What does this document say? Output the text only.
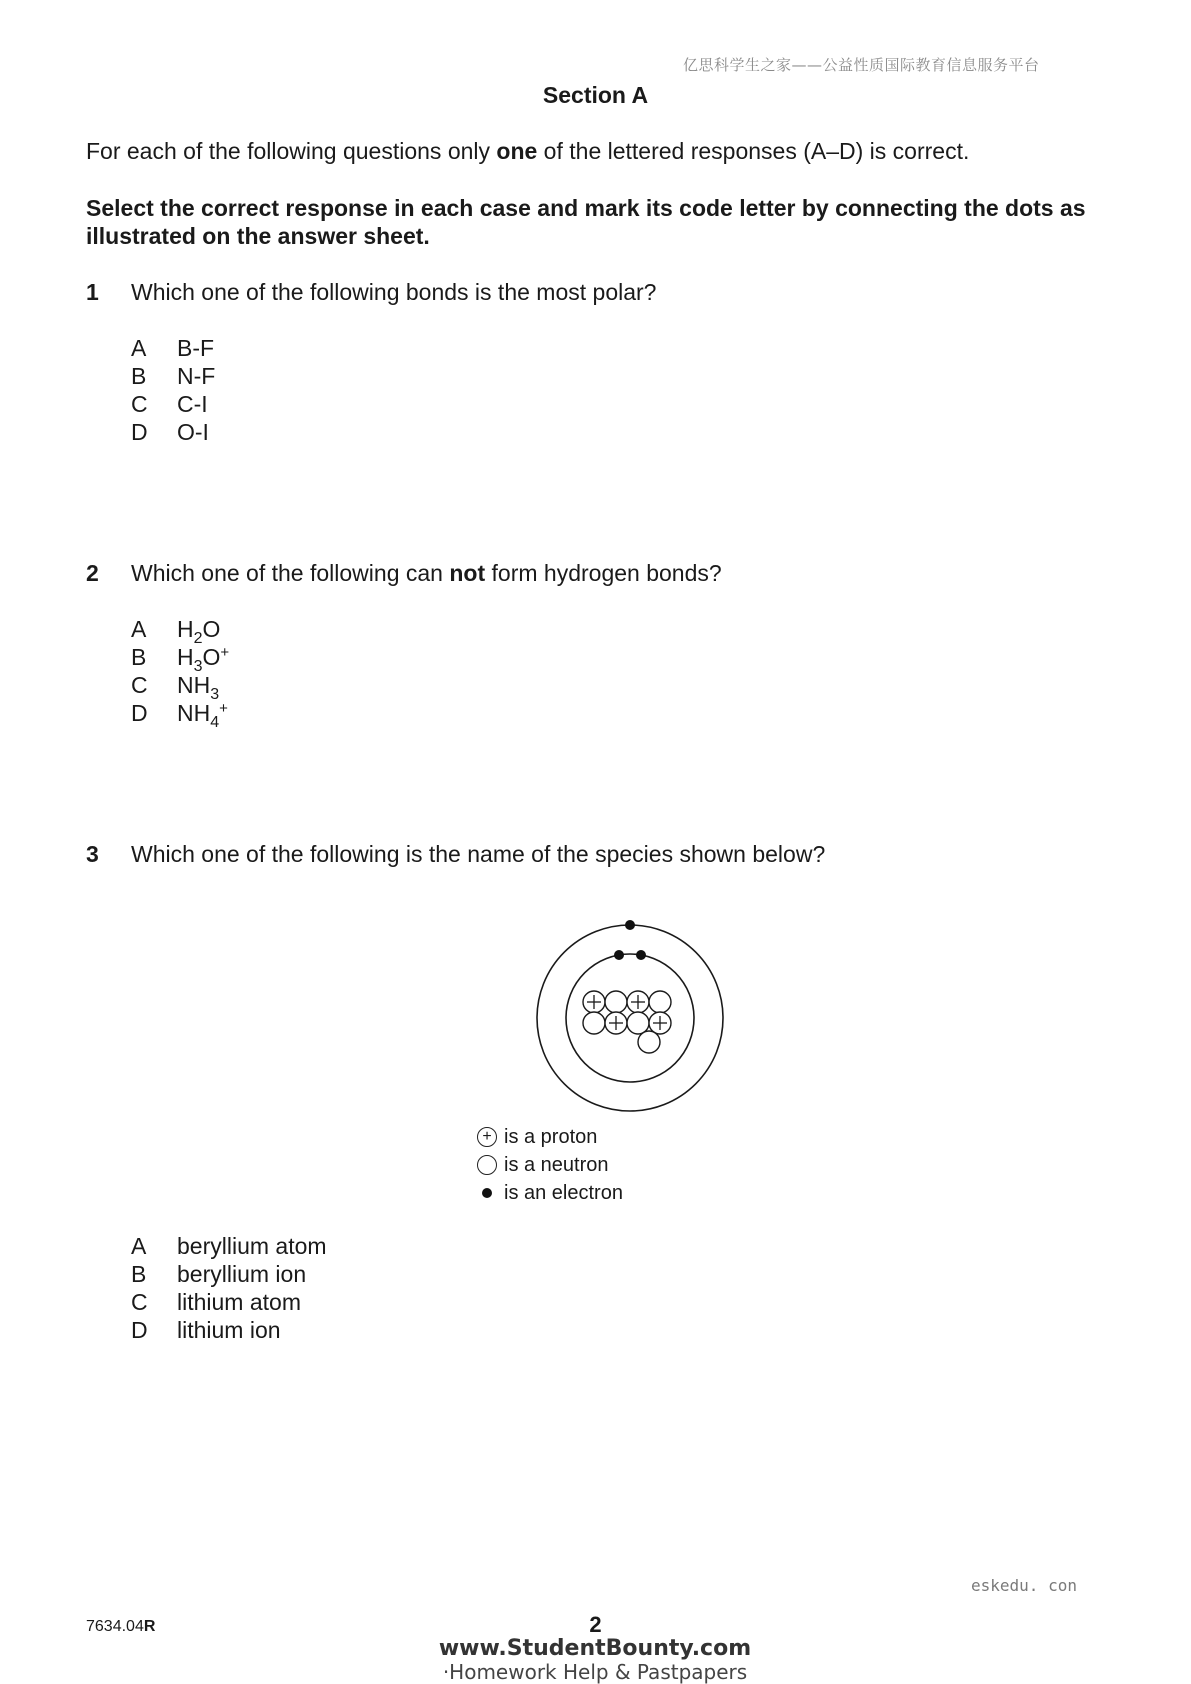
亿思科学生之家——公益性质国际教育信息服务平台
Section A
For each of the following questions only one of the lettered responses (A–D) is correct.
Select the correct response in each case and mark its code letter by connecting the dots as illustrated on the answer sheet.
1 Which one of the following bonds is the most polar?
A	B-F
B	N-F
C	C-I
D	O-I
2 Which one of the following can not form hydrogen bonds?
A	$H_2O$
B	$H_3O^+$
C	$NH_3$
D	$NH_4^+$
3 Which one of the following is the name of the species shown below?
+ is a proton
is a neutron
is an electron
A	beryllium atom
B	beryllium ion
C	lithium atom
D	lithium ion
eskedu. con
7634.04R	2
www.StudentBounty.com
·Homework Help & Pastpapers
